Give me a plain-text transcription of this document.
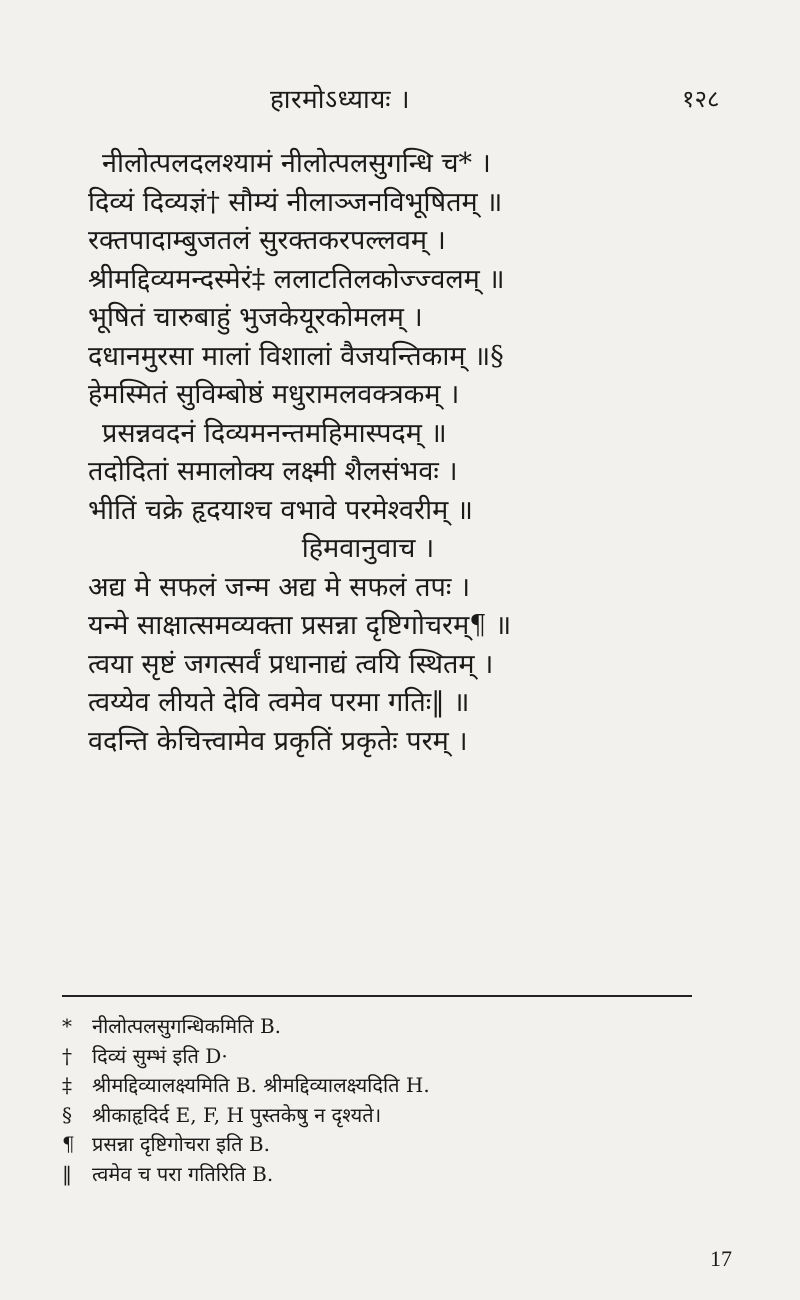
हारमोऽध्यायः ।	१२८
नीलोत्पलदलश्यामं नीलोत्पलसुगन्धि च* ।
दिव्यं दिव्यज्ञं† सौम्यं नीलाञ्जनविभूषितम् ॥
रक्तपादाम्बुजतलं सुरक्तकरपल्लवम् ।
श्रीमद्दिव्यमन्दस्मेरं‡ ललाटतिलकोज्ज्वलम् ॥
भूषितं चारुबाहुं भुजकेयूरकोमलम् ।
दधानमुरसा मालां विशालां वैजयन्तिकाम् ॥§
हेमस्मितं सुविम्बोष्ठं मधुरामलवक्त्रकम् ।
प्रसन्नवदनं दिव्यमनन्तमहिमास्पदम् ॥
तदोदितां समालोक्य लक्ष्मी शैलसंभवः ।
भीतिं चक्रे हृदयाश्च वभावे परमेश्वरीम् ॥
हिमवानुवाच ।
अद्य मे सफलं जन्म अद्य मे सफलं तपः ।
यन्मे साक्षात्समव्यक्ता प्रसन्ना दृष्टिगोचरम्¶ ॥
त्वया सृष्टं जगत्सर्वं प्रधानाद्यं त्वयि स्थितम् ।
त्वय्येव लीयते देवि त्वमेव परमा गतिः‖ ॥
वदन्ति केचित्त्वामेव प्रकृतिं प्रकृतेः परम् ।
*	नीलोत्पलसुगन्धिकमिति B.
†	दिव्यं सुम्भं इति D·
‡	श्रीमद्दिव्यालक्ष्यमिति B. श्रीमद्दिव्यालक्ष्यदिति H.
§	श्रीकाहृदिर्द E, F, H पुस्तकेषु न दृश्यते।
¶ प्रसन्ना दृष्टिगोचरा इति B.
‖	त्वमेव च परा गतिरिति B.
17
